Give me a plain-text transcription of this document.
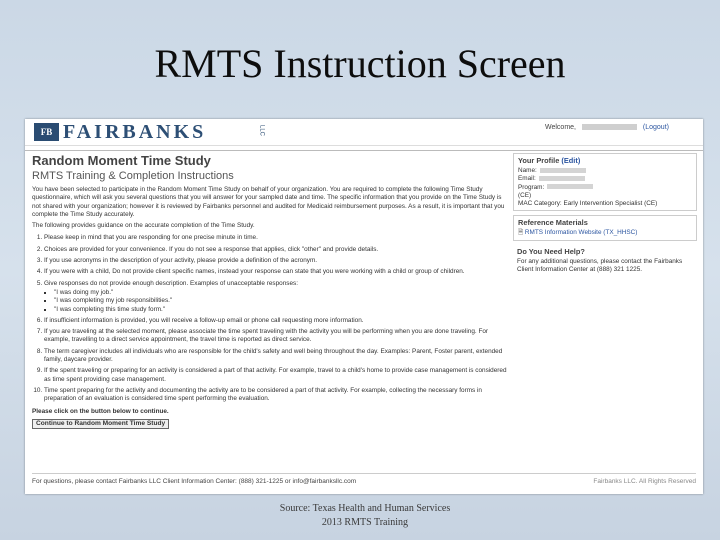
RMTS Instruction Screen
FB FAIRBANKS	LLC	Welcome,	(Logout)
Random Moment Time Study
RMTS Training & Completion Instructions

You have been selected to participate in the Random Moment Time Study on behalf of your organization. You are required to complete the following Time Study questionnaire, which will ask you several questions that you will answer for your sampled date and time. The specific information that you provide on the Time Study is not shared with your organization; however it is reviewed by Fairbanks personnel and audited for Medicaid reimbursement purposes. As a result, it is important that you complete the Time Study accurately.

The following provides guidance on the accurate completion of the Time Study.

1. Please keep in mind that you are responding for one precise minute in time.
2. Choices are provided for your convenience. If you do not see a response that applies, click "other" and provide details.
3. If you use acronyms in the description of your activity, please provide a definition of the acronym.
4. If you were with a child, Do not provide client specific names, instead your response can state that you were working with a child or group of children.
5. Give responses do not provide enough description. Examples of unacceptable responses:
▪ "I was doing my job."
▪ "I was completing my job responsibilities."
▪ "I was completing this time study form."
6. If insufficient information is provided, you will receive a follow-up email or phone call requesting more information.
7. If you are traveling at the selected moment, please associate the time spent traveling with the activity you will be performing when you are done traveling. For example, travelling to a direct service appointment, the travel time is reported as direct service.
8. The term caregiver includes all individuals who are responsible for the child's safety and well being throughout the day. Examples: Parent, Foster parent, extended family, daycare provider.
9. If the spent traveling or preparing for an activity is considered a part of that activity. For example, travel to a child's home to provide case management is considered as time spent providing case management.
10. Time spent preparing for the activity and documenting the activity are to be considered a part of that activity. For example, collecting the necessary forms in preparation of an evaluation is considered time spent performing the evaluation.
Please click on the button below to continue.
Continue to Random Moment Time Study
Your Profile (Edit)
Name:
Email:
Program:
(CE)
MAC Category: Early Intervention Specialist (CE)
Reference Materials
🗎 RMTS Information Website (TX_HHSC)
Do You Need Help?
For any additional questions, please contact the Fairbanks Client Information Center at (888) 321 1225.
For questions, please contact Fairbanks LLC Client Information Center: (888) 321-1225 or info@fairbanksllc.com	Fairbanks LLC. All Rights Reserved
Source: Texas Health and Human Services 2013 RMTS Training
